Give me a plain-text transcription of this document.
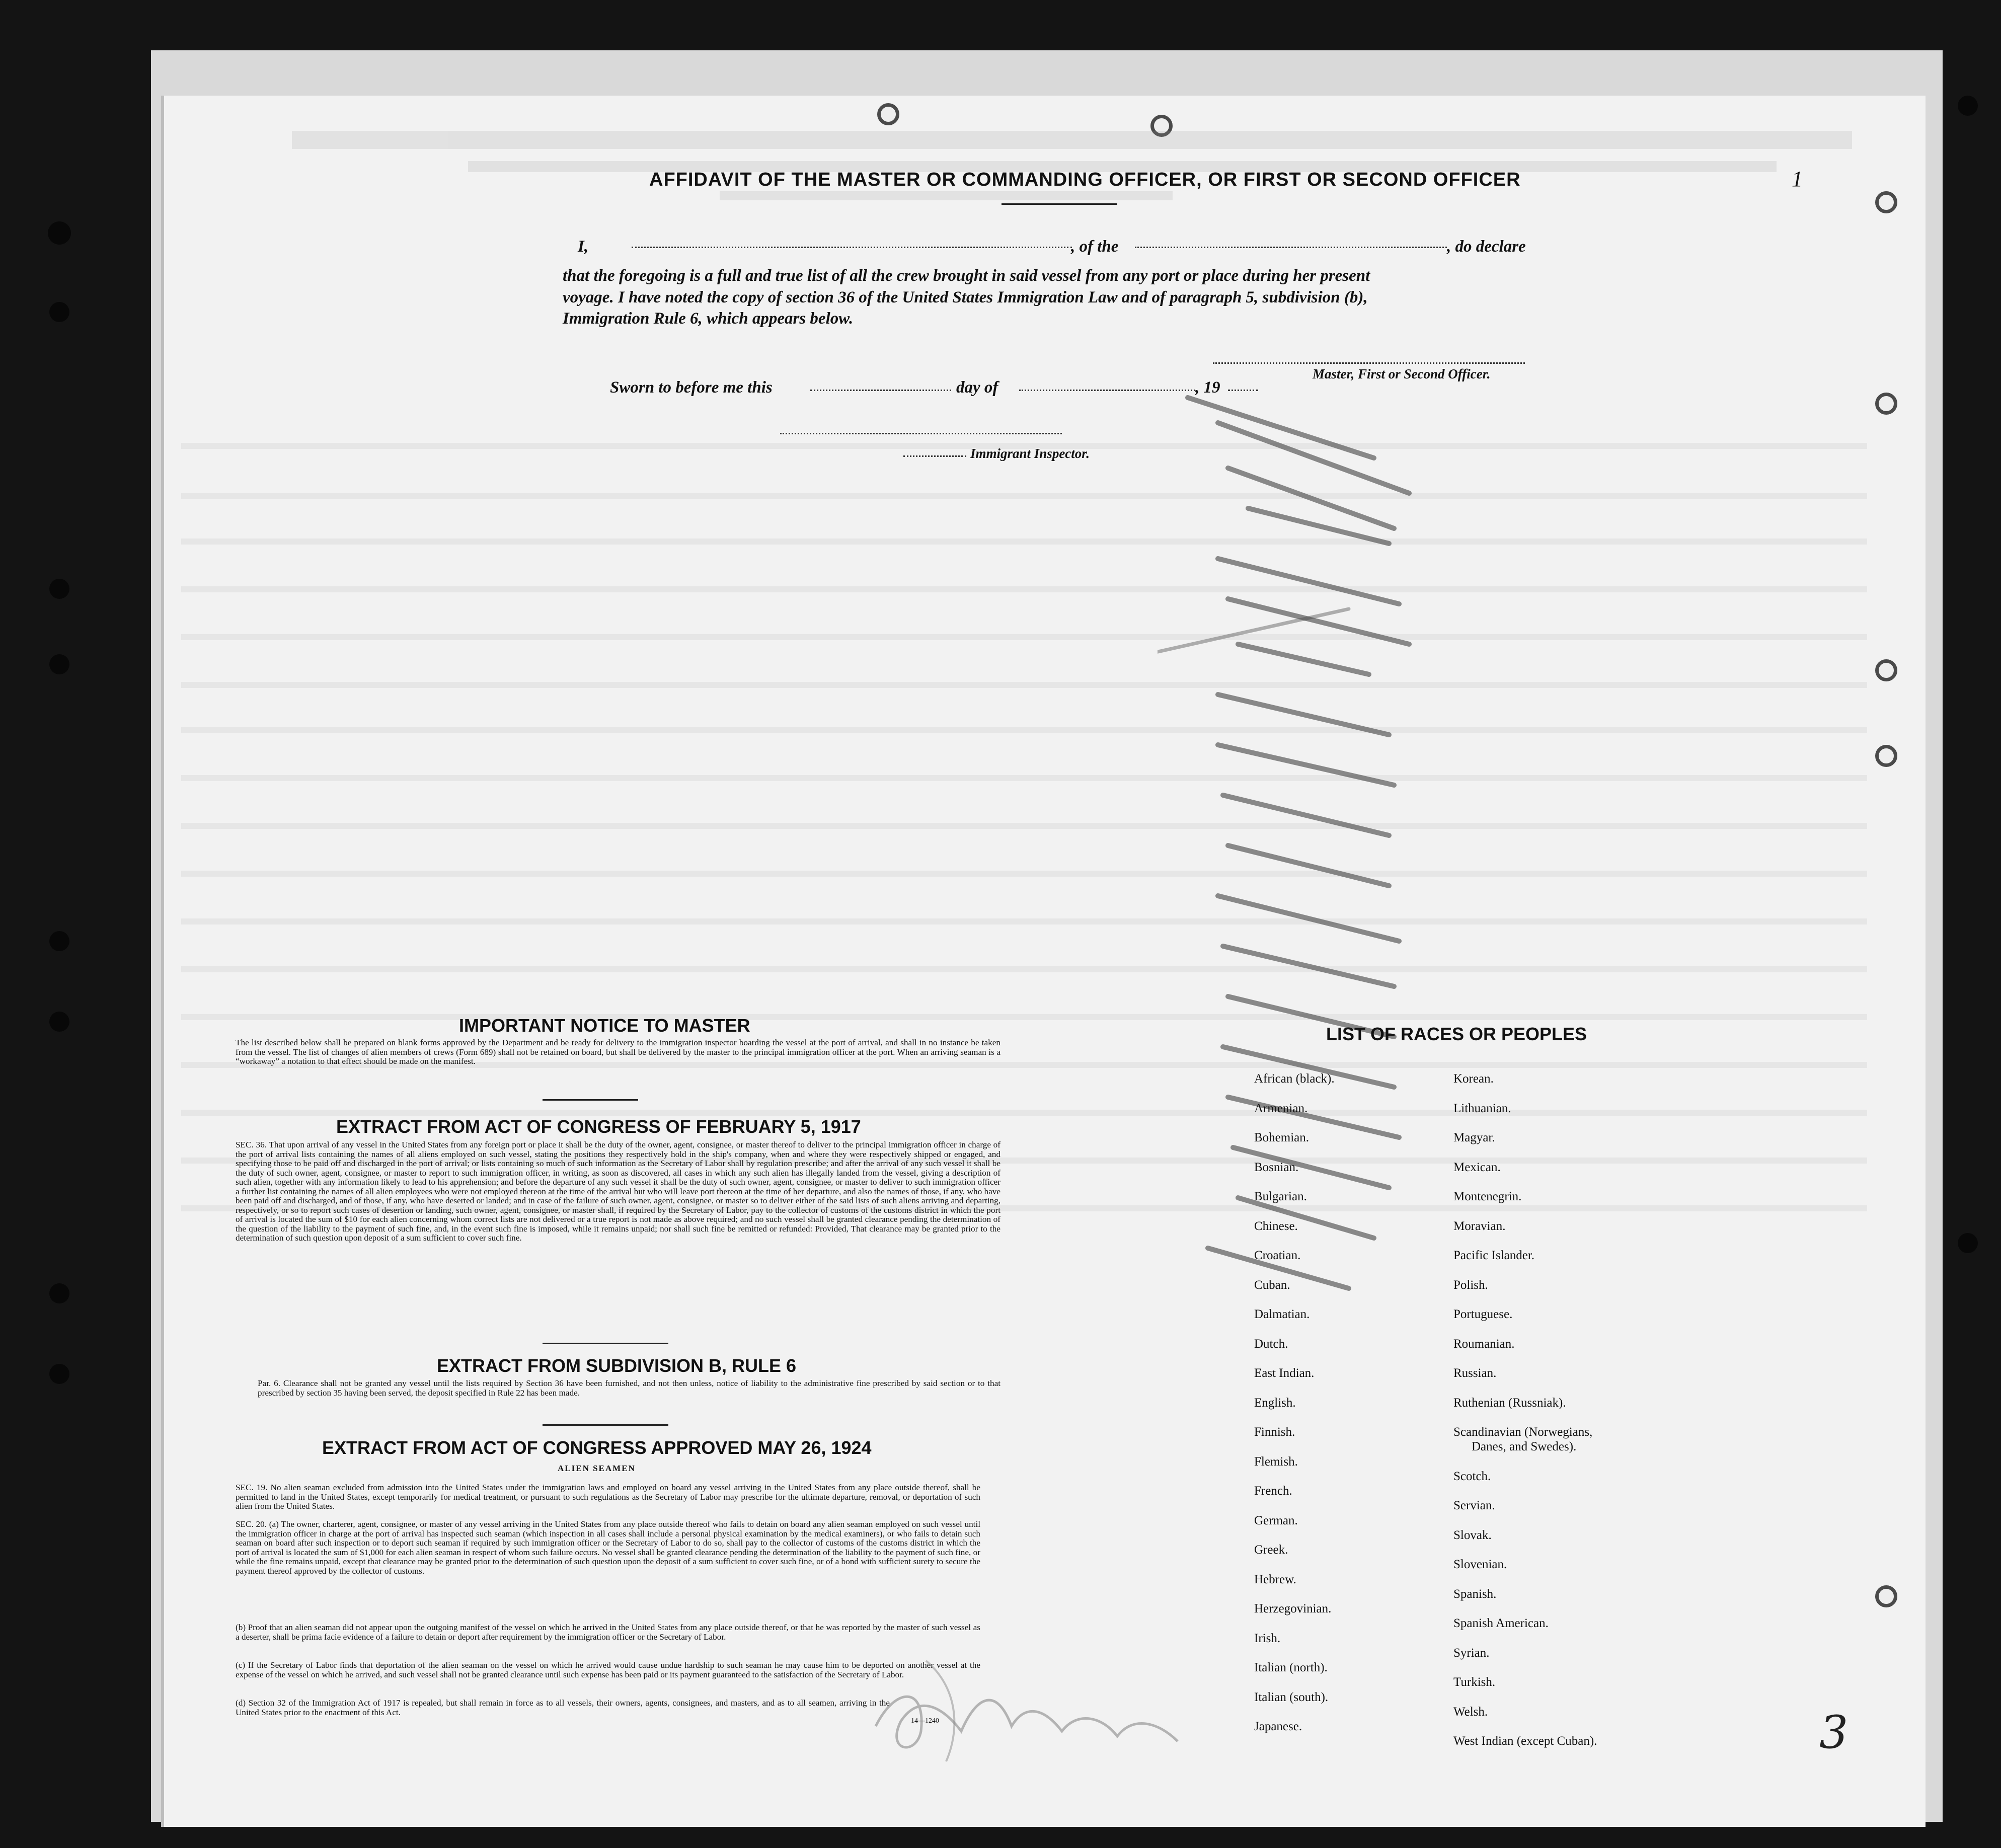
AFFIDAVIT OF THE MASTER OR COMMANDING OFFICER, OR FIRST OR SECOND OFFICER
I,	, of the	, do declare
that the foregoing is a full and true list of all the crew brought in said vessel from any port or place during her present
voyage. I have noted the copy of section 36 of the United States Immigration Law and of paragraph 5, subdivision (b),
Immigration Rule 6, which appears below.
Master, First or Second Officer.
Sworn to before me this	day of	, 19
Immigrant Inspector.
IMPORTANT NOTICE TO MASTER
The list described below shall be prepared on blank forms approved by the Department and be ready for delivery to the immigration inspector boarding the vessel at the port of arrival, and shall in no instance be taken from the vessel. The list of changes of alien members of crews (Form 689) shall not be retained on board, but shall be delivered by the master to the principal immigration officer at the port. When an arriving seaman is a “workaway” a notation to that effect should be made on the manifest.
EXTRACT FROM ACT OF CONGRESS OF FEBRUARY 5, 1917
SEC. 36. That upon arrival of any vessel in the United States from any foreign port or place it shall be the duty of the owner, agent, consignee, or master thereof to deliver to the principal immigration officer in charge of the port of arrival lists containing the names of all aliens employed on such vessel, stating the positions they respectively hold in the ship's company, when and where they were respectively shipped or engaged, and specifying those to be paid off and discharged in the port of arrival; or lists containing so much of such information as the Secretary of Labor shall by regulation prescribe; and after the arrival of any such vessel it shall be the duty of such owner, agent, consignee, or master to report to such immigration officer, in writing, as soon as discovered, all cases in which any such alien has illegally landed from the vessel, giving a description of such alien, together with any information likely to lead to his apprehension; and before the departure of any such vessel it shall be the duty of such owner, agent, consignee, or master to deliver to such immigration officer a further list containing the names of all alien employees who were not employed thereon at the time of the arrival but who will leave port thereon at the time of her departure, and also the names of those, if any, who have been paid off and discharged, and of those, if any, who have deserted or landed; and in case of the failure of such owner, agent, consignee, or master so to deliver either of the said lists of such aliens arriving and departing, respectively, or so to report such cases of desertion or landing, such owner, agent, consignee, or master shall, if required by the Secretary of Labor, pay to the collector of customs of the customs district in which the port of arrival is located the sum of $10 for each alien concerning whom correct lists are not delivered or a true report is not made as above required; and no such vessel shall be granted clearance pending the determination of the question of the liability to the payment of such fine, and, in the event such fine is imposed, while it remains unpaid; nor shall such fine be remitted or refunded: Provided, That clearance may be granted prior to the determination of such question upon deposit of a sum sufficient to cover such fine.
EXTRACT FROM SUBDIVISION B, RULE 6
Par. 6. Clearance shall not be granted any vessel until the lists required by Section 36 have been furnished, and not then unless, notice of liability to the administrative fine prescribed by said section or to that prescribed by section 35 having been served, the deposit specified in Rule 22 has been made.
EXTRACT FROM ACT OF CONGRESS APPROVED MAY 26, 1924
ALIEN SEAMEN
SEC. 19. No alien seaman excluded from admission into the United States under the immigration laws and employed on board any vessel arriving in the United States from any place outside thereof, shall be permitted to land in the United States, except temporarily for medical treatment, or pursuant to such regulations as the Secretary of Labor may prescribe for the ultimate departure, removal, or deportation of such alien from the United States.
SEC. 20. (a) The owner, charterer, agent, consignee, or master of any vessel arriving in the United States from any place outside thereof who fails to detain on board any alien seaman employed on such vessel until the immigration officer in charge at the port of arrival has inspected such seaman (which inspection in all cases shall include a personal physical examination by the medical examiners), or who fails to detain such seaman on board after such inspection or to deport such seaman if required by such immigration officer or the Secretary of Labor to do so, shall pay to the collector of customs of the customs district in which the port of arrival is located the sum of $1,000 for each alien seaman in respect of whom such failure occurs. No vessel shall be granted clearance pending the determination of the liability to the payment of such fine, or while the fine remains unpaid, except that clearance may be granted prior to the determination of such question upon the deposit of a sum sufficient to cover such fine, or of a bond with sufficient surety to secure the payment thereof approved by the collector of customs.
(b) Proof that an alien seaman did not appear upon the outgoing manifest of the vessel on which he arrived in the United States from any place outside thereof, or that he was reported by the master of such vessel as a deserter, shall be prima facie evidence of a failure to detain or deport after requirement by the immigration officer or the Secretary of Labor.
(c) If the Secretary of Labor finds that deportation of the alien seaman on the vessel on which he arrived would cause undue hardship to such seaman he may cause him to be deported on another vessel at the expense of the vessel on which he arrived, and such vessel shall not be granted clearance until such expense has been paid or its payment guaranteed to the satisfaction of the Secretary of Labor.
(d) Section 32 of the Immigration Act of 1917 is repealed, but shall remain in force as to all vessels, their owners, agents, consignees, and masters, and as to all seamen, arriving in the United States prior to the enactment of this Act.
14—1240
LIST OF RACES OR PEOPLES
African (black).
Armenian.
Bohemian.
Bosnian.
Bulgarian.
Chinese.
Croatian.
Cuban.
Dalmatian.
Dutch.
East Indian.
English.
Finnish.
Flemish.
French.
German.
Greek.
Hebrew.
Herzegovinian.
Irish.
Italian (north).
Italian (south).
Japanese.
Korean.
Lithuanian.
Magyar.
Mexican.
Montenegrin.
Moravian.
Pacific Islander.
Polish.
Portuguese.
Roumanian.
Russian.
Ruthenian (Russniak).
Scandinavian (Norwegians,
Danes, and Swedes).
Scotch.
Servian.
Slovak.
Slovenian.
Spanish.
Spanish American.
Syrian.
Turkish.
Welsh.
West Indian (except Cuban).
1
3
